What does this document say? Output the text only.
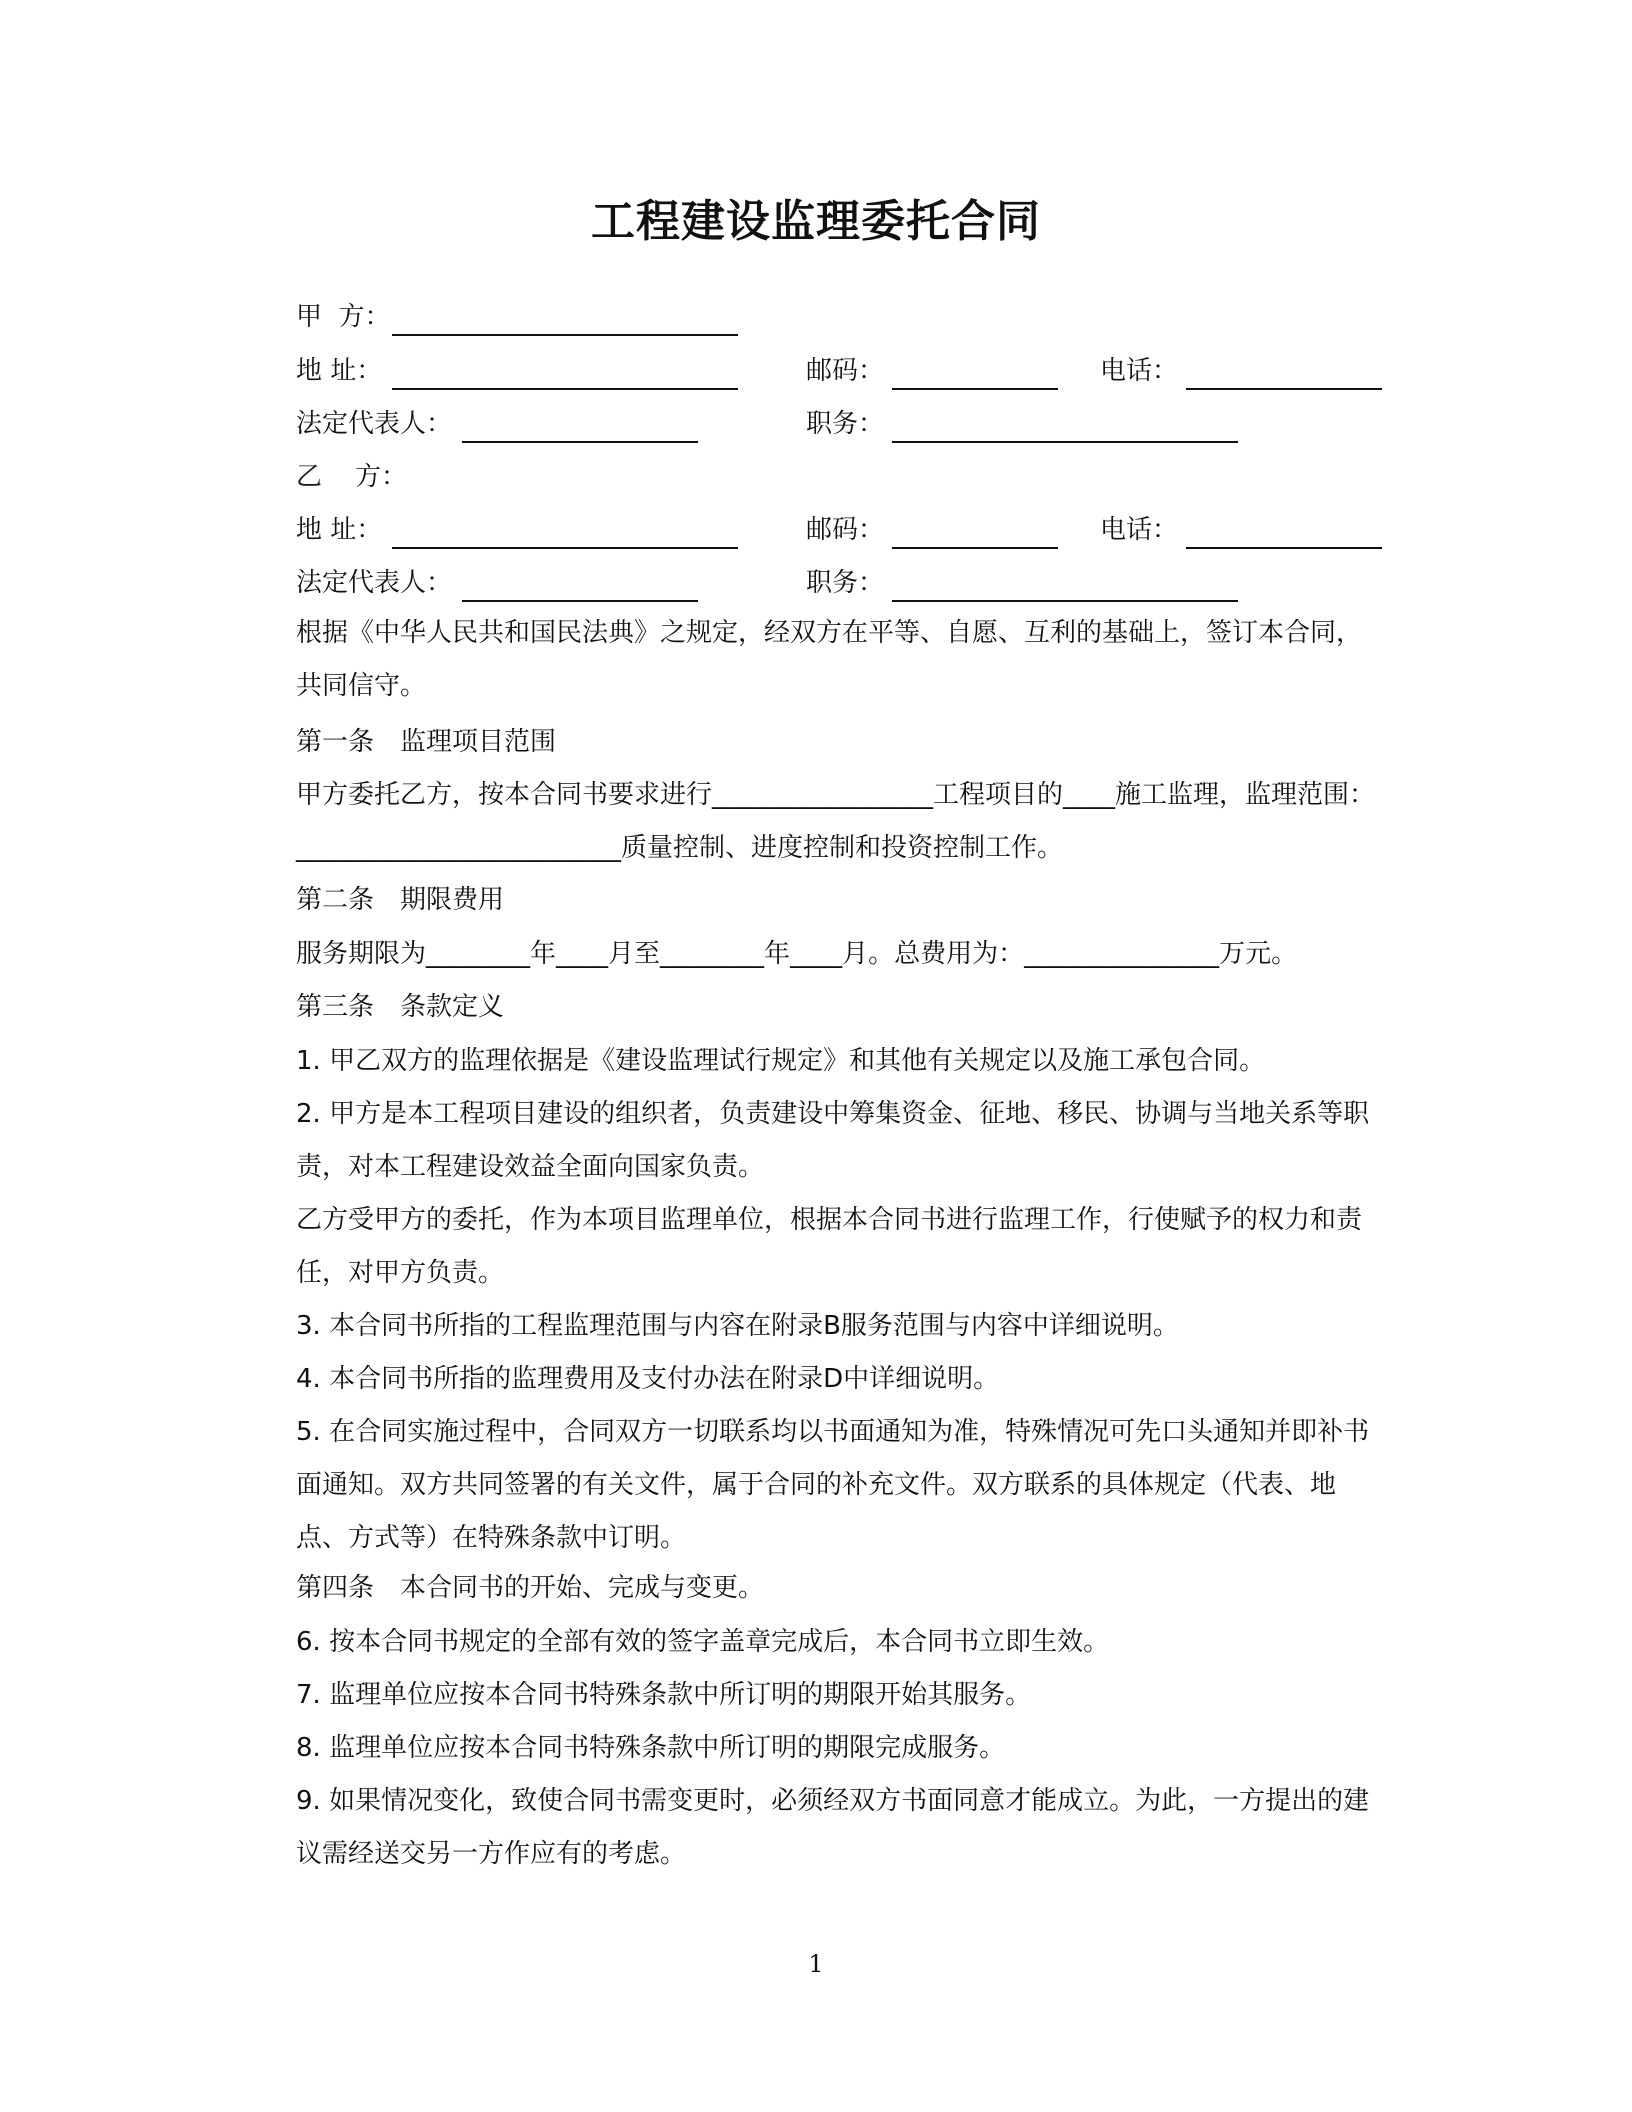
工程建设监理委托合同
甲  方：
地 址：	邮码：	电话：
法定代表人：	职务：
乙    方：
地 址：	邮码：	电话：
法定代表人：	职务：
根据《中华人民共和国民法典》之规定，经双方在平等、自愿、互利的基础上，签订本合同，共同信守。
第一条 监理项目范围
甲方委托乙方，按本合同书要求进行_________________工程项目的____施工监理，监理范围：_________________________质量控制、进度控制和投资控制工作。
第二条 期限费用
服务期限为________年____月至________年____月。总费用为：_______________万元。
第三条 条款定义
1. 甲乙双方的监理依据是《建设监理试行规定》和其他有关规定以及施工承包合同。
2. 甲方是本工程项目建设的组织者，负责建设中筹集资金、征地、移民、协调与当地关系等职责，对本工程建设效益全面向国家负责。
乙方受甲方的委托，作为本项目监理单位，根据本合同书进行监理工作，行使赋予的权力和责任，对甲方负责。
3. 本合同书所指的工程监理范围与内容在附录B服务范围与内容中详细说明。
4. 本合同书所指的监理费用及支付办法在附录D中详细说明。
5. 在合同实施过程中，合同双方一切联系均以书面通知为准，特殊情况可先口头通知并即补书面通知。双方共同签署的有关文件，属于合同的补充文件。双方联系的具体规定（代表、地点、方式等）在特殊条款中订明。
第四条 本合同书的开始、完成与变更。
6. 按本合同书规定的全部有效的签字盖章完成后，本合同书立即生效。
7. 监理单位应按本合同书特殊条款中所订明的期限开始其服务。
8. 监理单位应按本合同书特殊条款中所订明的期限完成服务。
9. 如果情况变化，致使合同书需变更时，必须经双方书面同意才能成立。为此，一方提出的建议需经送交另一方作应有的考虑。
1
